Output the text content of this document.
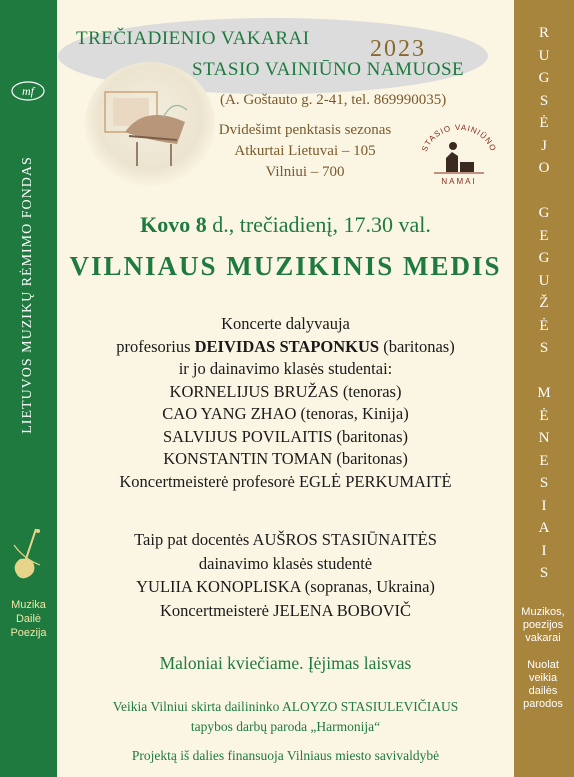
mf
LIETUVOS MUZIKŲ RĖMIMO FONDAS
Muzika
Dailė
Poezija
R
U
G
S
Ė
J
O
G
E
G
U
Ž
Ė
S
M
Ė
N
E
S
I
A
I
S
Muzikos,
poezijos
vakarai
Nuolat
veikia
dailės
parodos
TREČIADIENIO VAKARAI
STASIO VAINIŪNO NAMUOSE
2023
(A. Goštauto g. 2-41, tel. 869990035)
Dvidešimt penktasis sezonas
Atkurtai Lietuvai – 105
Vilniui – 700
STASIO VAINIŪNO
NAMAI
Kovo 8 d., trečiadienį, 17.30 val.
VILNIAUS MUZIKINIS MEDIS
Koncerte dalyvauja
profesorius DEIVIDAS STAPONKUS (baritonas)
ir jo dainavimo klasės studentai:
KORNELIJUS BRUŽAS (tenoras)
CAO YANG ZHAO (tenoras, Kinija)
SALVIJUS POVILAITIS (baritonas)
KONSTANTIN TOMAN (baritonas)
Koncertmeisterė profesorė EGLĖ PERKUMAITĖ
Taip pat docentės AUŠROS STASIŪNAITĖS
dainavimo klasės studentė
YULIIA KONOPLISKA (sopranas, Ukraina)
Koncertmeisterė JELENA BOBOVIČ
Maloniai kviečiame. Įėjimas laisvas
Veikia Vilniui skirta dailininko ALOYZO STASIULEVIČIAUS
tapybos darbų paroda „Harmonija“
Projektą iš dalies finansuoja Vilniaus miesto savivaldybė
